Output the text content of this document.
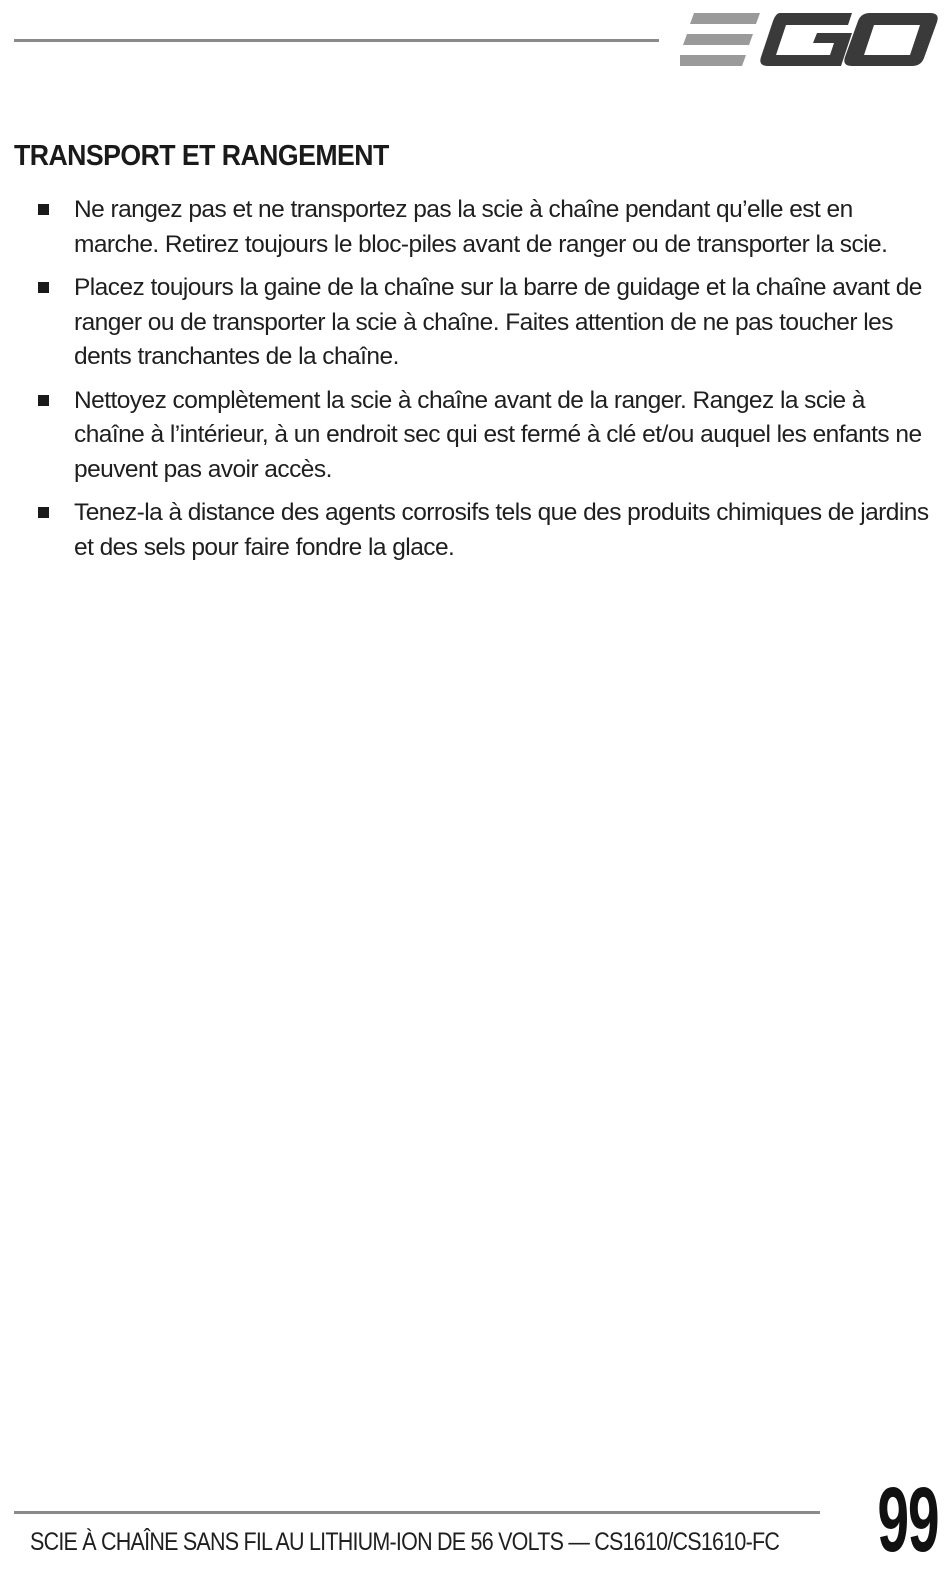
TRANSPORT ET RANGEMENT
Ne rangez pas et ne transportez pas la scie à chaîne pendant qu’elle est en marche. Retirez toujours le bloc-piles avant de ranger ou de transporter la scie.
Placez toujours la gaine de la chaîne sur la barre de guidage et la chaîne avant de ranger ou de transporter la scie à chaîne. Faites attention de ne pas toucher les dents tranchantes de la chaîne.
Nettoyez complètement la scie à chaîne avant de la ranger. Rangez la scie à chaîne à l’intérieur, à un endroit sec qui est fermé à clé et/ou auquel les enfants ne peuvent pas avoir accès.
Tenez-la à distance des agents corrosifs tels que des produits chimiques de jardins et des sels pour faire fondre la glace.
SCIE À CHAÎNE SANS FIL AU LITHIUM-ION DE 56 VOLTS — CS1610/CS1610-FC 99
